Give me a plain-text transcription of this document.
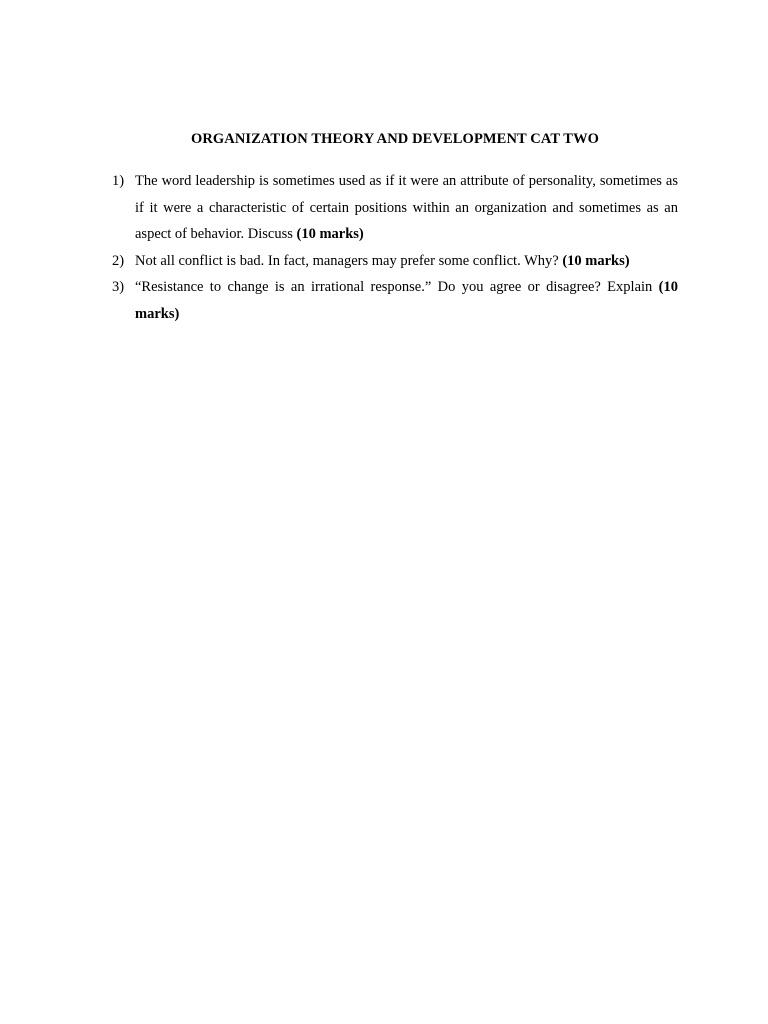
ORGANIZATION THEORY AND DEVELOPMENT CAT TWO
1) The word leadership is sometimes used as if it were an attribute of personality, sometimes as if it were a characteristic of certain positions within an organization and sometimes as an aspect of behavior. Discuss (10 marks)
2) Not all conflict is bad. In fact, managers may prefer some conflict. Why? (10 marks)
3) “Resistance to change is an irrational response.” Do you agree or disagree? Explain (10 marks)
